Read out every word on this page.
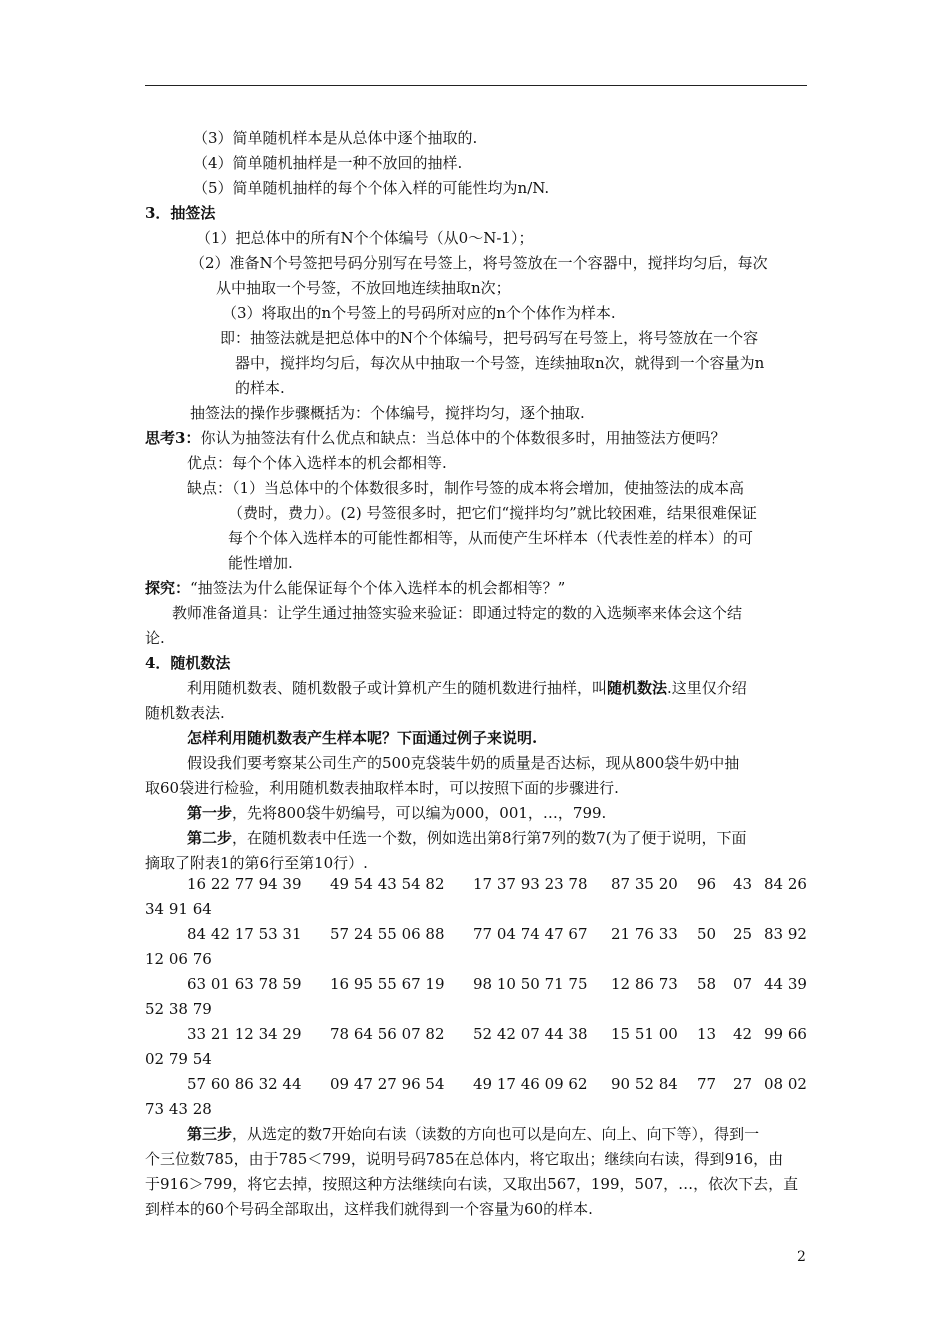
（3）简单随机样本是从总体中逐个抽取的.
（4）简单随机抽样是一种不放回的抽样.
（5）简单随机抽样的每个个体入样的可能性均为n/N.
3．抽签法
（1）把总体中的所有N个个体编号（从0～N-1）；
（2）准备N个号签把号码分别写在号签上，将号签放在一个容器中，搅拌均匀后，每次
从中抽取一个号签，不放回地连续抽取n次；
（3）将取出的n个号签上的号码所对应的n个个体作为样本.
即：抽签法就是把总体中的N个个体编号，把号码写在号签上，将号签放在一个容
器中，搅拌均匀后，每次从中抽取一个号签，连续抽取n次，就得到一个容量为n
的样本.
抽签法的操作步骤概括为：个体编号，搅拌均匀，逐个抽取.
思考3：你认为抽签法有什么优点和缺点：当总体中的个体数很多时，用抽签法方便吗？
优点：每个个体入选样本的机会都相等.
缺点：（1）当总体中的个体数很多时，制作号签的成本将会增加，使抽签法的成本高
（费时，费力）。(2) 号签很多时，把它们“搅拌均匀”就比较困难，结果很难保证
每个个体入选样本的可能性都相等，从而使产生坏样本（代表性差的样本）的可
能性增加.
探究：“抽签法为什么能保证每个个体入选样本的机会都相等？”
教师准备道具：让学生通过抽签实验来验证：即通过特定的数的入选频率来体会这个结
论.
4．随机数法
利用随机数表、随机数骰子或计算机产生的随机数进行抽样，叫随机数法.这里仅介绍
随机数表法.
怎样利用随机数表产生样本呢？下面通过例子来说明.
假设我们要考察某公司生产的500克袋装牛奶的质量是否达标，现从800袋牛奶中抽
取60袋进行检验，利用随机数表抽取样本时，可以按照下面的步骤进行.
第一步，先将800袋牛奶编号，可以编为000，001，…，799.
第二步，在随机数表中任选一个数，例如选出第8行第7列的数7(为了便于说明，下面
摘取了附表1的第6行至第10行）.
16 22 77 94 39 49 54 43 54 82 17 37 93 23 78 87 35 20 96 43 84 26
34 91 64
84 42 17 53 31 57 24 55 06 88 77 04 74 47 67 21 76 33 50 25 83 92
12 06 76
63 01 63 78 59 16 95 55 67 19 98 10 50 71 75 12 86 73 58 07 44 39
52 38 79
33 21 12 34 29 78 64 56 07 82 52 42 07 44 38 15 51 00 13 42 99 66
02 79 54
57 60 86 32 44 09 47 27 96 54 49 17 46 09 62 90 52 84 77 27 08 02
73 43 28
第三步，从选定的数7开始向右读（读数的方向也可以是向左、向上、向下等），得到一
个三位数785，由于785＜799，说明号码785在总体内，将它取出；继续向右读，得到916，由
于916＞799，将它去掉，按照这种方法继续向右读，又取出567，199，507，…，依次下去，直
到样本的60个号码全部取出，这样我们就得到一个容量为60的样本.
2
